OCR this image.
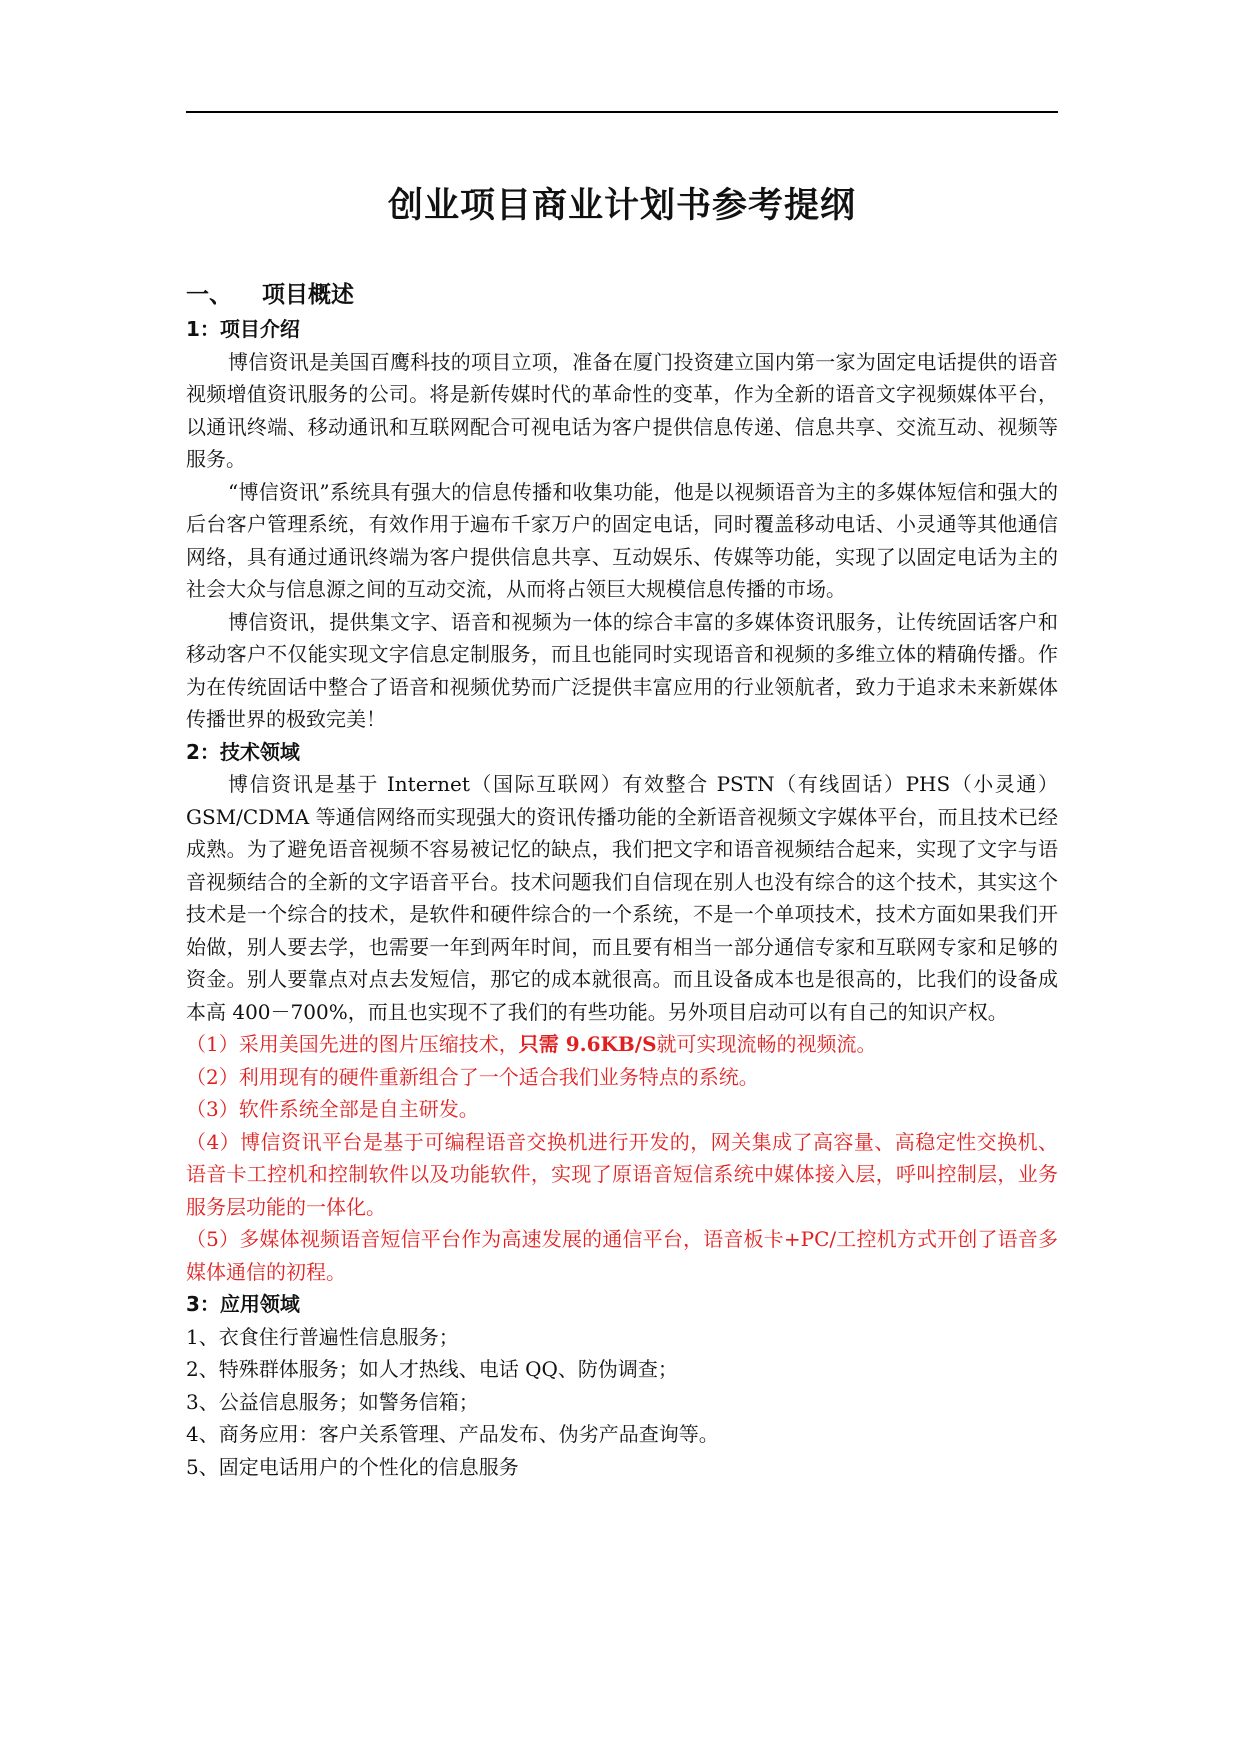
创业项目商业计划书参考提纲
一、 项目概述
1：项目介绍

博信资讯是美国百鹰科技的项目立项，准备在厦门投资建立国内第一家为固定电话提供的语音视频增值资讯服务的公司。将是新传媒时代的革命性的变革，作为全新的语音文字视频媒体平台，以通讯终端、移动通讯和互联网配合可视电话为客户提供信息传递、信息共享、交流互动、视频等服务。

“博信资讯”系统具有强大的信息传播和收集功能，他是以视频语音为主的多媒体短信和强大的后台客户管理系统，有效作用于遍布千家万户的固定电话，同时覆盖移动电话、小灵通等其他通信网络，具有通过通讯终端为客户提供信息共享、互动娱乐、传媒等功能，实现了以固定电话为主的社会大众与信息源之间的互动交流，从而将占领巨大规模信息传播的市场。

博信资讯，提供集文字、语音和视频为一体的综合丰富的多媒体资讯服务，让传统固话客户和移动客户不仅能实现文字信息定制服务，而且也能同时实现语音和视频的多维立体的精确传播。作为在传统固话中整合了语音和视频优势而广泛提供丰富应用的行业领航者，致力于追求未来新媒体传播世界的极致完美！

2：技术领域

博信资讯是基于 Internet（国际互联网）有效整合 PSTN（有线固话）PHS（小灵通）GSM/CDMA 等通信网络而实现强大的资讯传播功能的全新语音视频文字媒体平台，而且技术已经成熟。为了避免语音视频不容易被记忆的缺点，我们把文字和语音视频结合起来，实现了文字与语音视频结合的全新的文字语音平台。技术问题我们自信现在别人也没有综合的这个技术，其实这个技术是一个综合的技术，是软件和硬件综合的一个系统，不是一个单项技术，技术方面如果我们开始做，别人要去学，也需要一年到两年时间，而且要有相当一部分通信专家和互联网专家和足够的资金。别人要靠点对点去发短信，那它的成本就很高。而且设备成本也是很高的，比我们的设备成本高 400－700%，而且也实现不了我们的有些功能。另外项目启动可以有自己的知识产权。

（1）采用美国先进的图片压缩技术，只需 9.6KB/S就可实现流畅的视频流。
（2）利用现有的硬件重新组合了一个适合我们业务特点的系统。
（3）软件系统全部是自主研发。
（4）博信资讯平台是基于可编程语音交换机进行开发的，网关集成了高容量、高稳定性交换机、语音卡工控机和控制软件以及功能软件，实现了原语音短信系统中媒体接入层，呼叫控制层，业务服务层功能的一体化。
（5）多媒体视频语音短信平台作为高速发展的通信平台，语音板卡+PC/工控机方式开创了语音多媒体通信的初程。
3：应用领域

1、衣食住行普遍性信息服务；

2、特殊群体服务；如人才热线、电话 QQ、防伪调查；

3、公益信息服务；如警务信箱；

4、商务应用：客户关系管理、产品发布、伪劣产品查询等。

5、固定电话用户的个性化的信息服务
